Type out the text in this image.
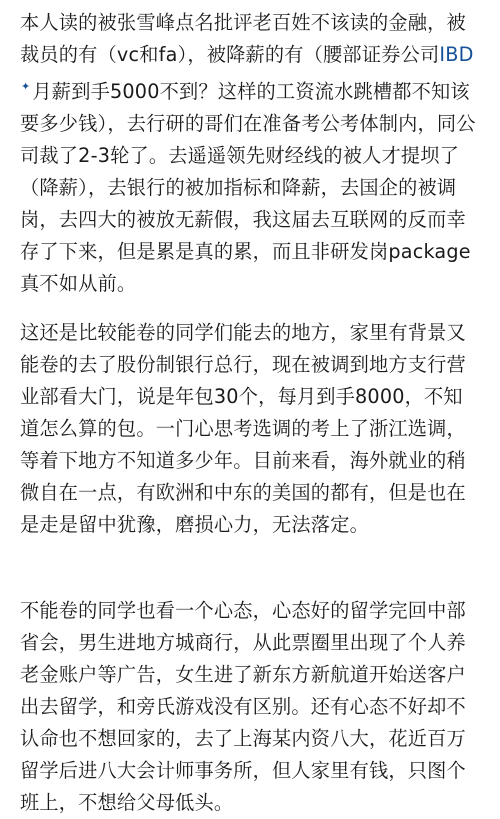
本人读的被张雪峰点名批评老百姓不该读的金融，被裁员的有（vc和fa），被降薪的有（腰部证券公司IBD✦ 月薪到手5000不到？这样的工资流水跳槽都不知该要多少钱），去行研的哥们在准备考公考体制内，同公司裁了2-3轮了。去遥遥领先财经线的被人才提坝了（降薪），去银行的被加指标和降薪，去国企的被调岗，去四大的被放无薪假，我这届去互联网的反而幸存了下来，但是累是真的累，而且非研发岗package真不如从前。

这还是比较能卷的同学们能去的地方，家里有背景又能卷的去了股份制银行总行，现在被调到地方支行营业部看大门，说是年包30个，每月到手8000，不知道怎么算的包。一门心思考选调的考上了浙江选调，等着下地方不知道多少年。目前来看，海外就业的稍微自在一点，有欧洲和中东的美国的都有，但是也在是走是留中犹豫，磨损心力，无法落定。

不能卷的同学也看一个心态，心态好的留学完回中部省会，男生进地方城商行，从此票圈里出现了个人养老金账户等广告，女生进了新东方新航道开始送客户出去留学，和旁氏游戏没有区别。还有心态不好却不认命也不想回家的，去了上海某内资八大，花近百万留学后进八大会计师事务所，但人家里有钱，只图个班上，不想给父母低头。
